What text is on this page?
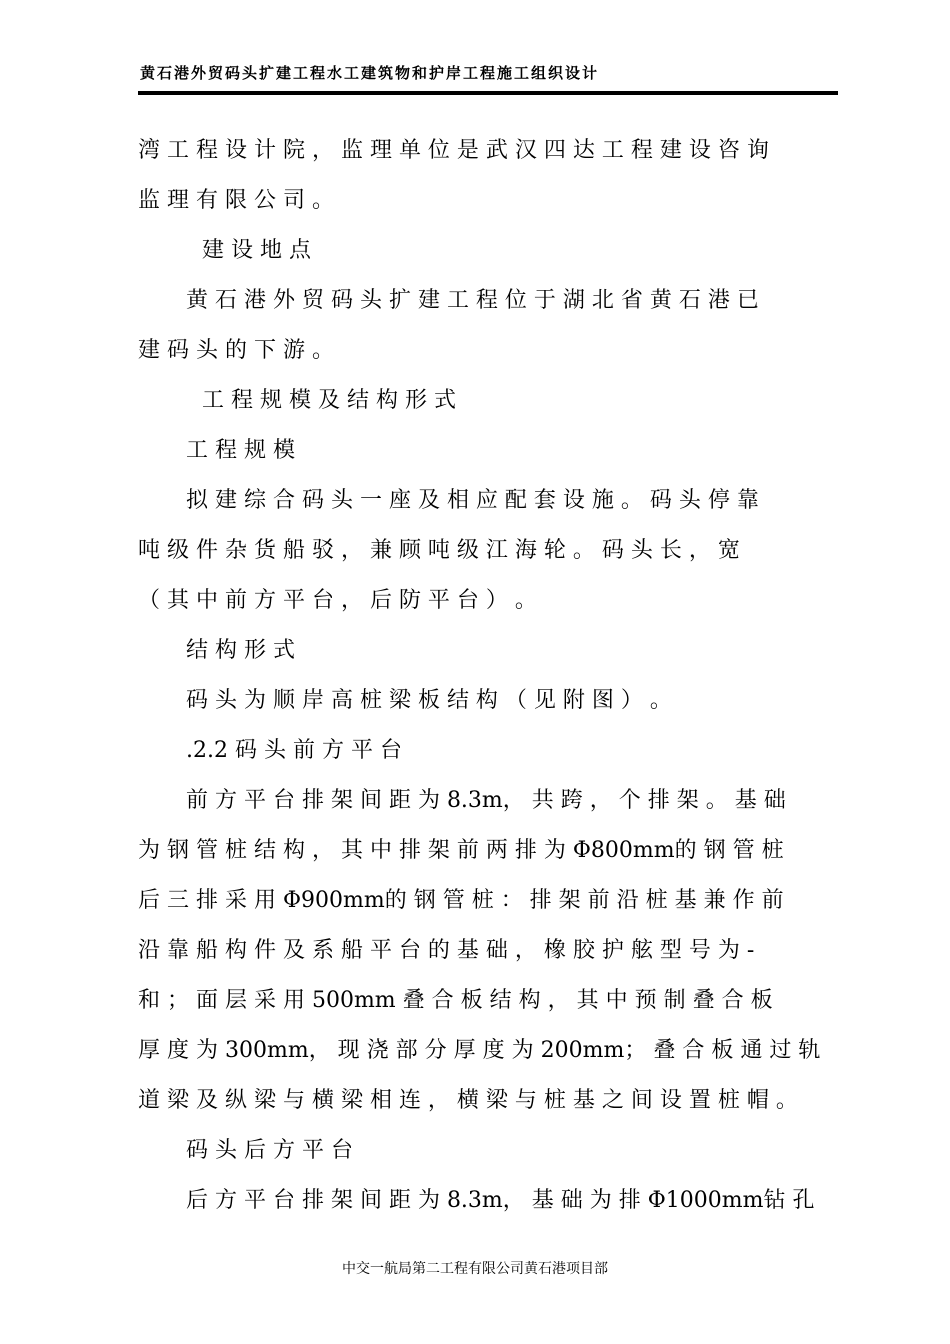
黄石港外贸码头扩建工程水工建筑物和护岸工程施工组织设计
湾 工 程 设 计 院 ， 监 理 单 位 是 武 汉 四 达 工 程 建 设 咨 询
监 理 有 限 公 司 。
建 设 地 点
黄 石 港 外 贸 码 头 扩 建 工 程 位 于 湖 北 省 黄 石 港 已
建 码 头 的 下 游 。
工 程 规 模 及 结 构 形 式
工 程 规 模
拟 建 综 合 码 头 一 座 及 相 应 配 套 设 施 。 码 头 停 靠
吨 级 件 杂 货 船 驳 ， 兼 顾 吨 级 江 海 轮 。 码 头 长 ， 宽
（ 其 中 前 方 平 台 ， 后 防 平 台 ） 。
结 构 形 式
码 头 为 顺 岸 高 桩 梁 板 结 构 （ 见 附 图 ） 。
.2.2 码 头 前 方 平 台
前 方 平 台 排 架 间 距 为 8.3m， 共 跨 ， 个 排 架 。 基 础
为 钢 管 桩 结 构 ， 其 中 排 架 前 两 排 为 Φ800mm的 钢 管 桩
后 三 排 采 用 Φ900mm的 钢 管 桩 ： 排 架 前 沿 桩 基 兼 作 前
沿 靠 船 构 件 及 系 船 平 台 的 基 础 ， 橡 胶 护 舷 型 号 为 -
和 ； 面 层 采 用 500mm 叠 合 板 结 构 ， 其 中 预 制 叠 合 板
厚 度 为 300mm， 现 浇 部 分 厚 度 为 200mm； 叠 合 板 通 过 轨
道 梁 及 纵 梁 与 横 梁 相 连 ， 横 梁 与 桩 基 之 间 设 置 桩 帽 。
码 头 后 方 平 台
后 方 平 台 排 架 间 距 为 8.3m， 基 础 为 排 Φ1000mm钻 孔
中交一航局第二工程有限公司黄石港项目部
